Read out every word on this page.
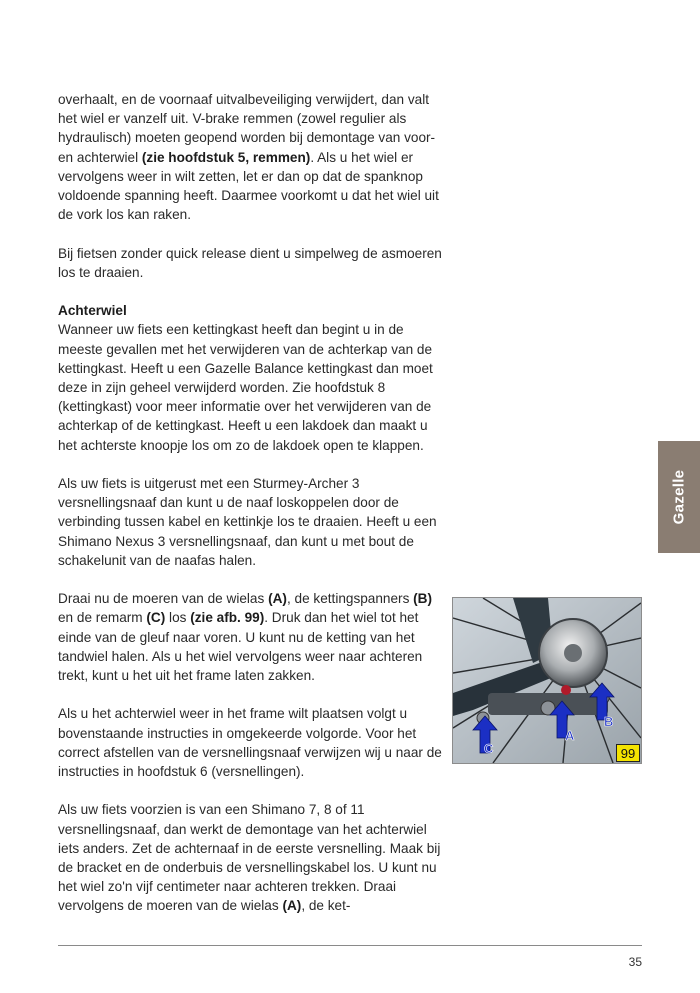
overhaalt, en de voornaaf uitvalbeveiliging verwijdert, dan valt het wiel er vanzelf uit. V-brake remmen (zowel regulier als hydraulisch) moeten geopend worden bij demontage van voor- en achterwiel (zie hoofdstuk 5, remmen). Als u het wiel er vervolgens weer in wilt zetten, let er dan op dat de spanknop voldoende spanning heeft. Daarmee voorkomt u dat het wiel uit de vork los kan raken.

Bij fietsen zonder quick release dient u simpelweg de asmoeren los te draaien.

Achterwiel
Wanneer uw fiets een kettingkast heeft dan begint u in de meeste gevallen met het verwijderen van de achterkap van de kettingkast. Heeft u een Gazelle Balance kettingkast dan moet deze in zijn geheel verwijderd worden. Zie hoofdstuk 8 (kettingkast) voor meer informatie over het verwijderen van de achterkap of de kettingkast. Heeft u een lakdoek dan maakt u het achterste knoopje los om zo de lakdoek open te klappen.

Als uw fiets is uitgerust met een Sturmey-Archer 3 versnellingsnaaf dan kunt u de naaf loskoppelen door de verbinding tussen kabel en kettinkje los te draaien. Heeft u een Shimano Nexus 3 versnellingsnaaf, dan kunt u met bout de schakelunit van de naafas halen.

Draai nu de moeren van de wielas (A), de kettingspanners (B) en de remarm (C) los (zie afb. 99). Druk dan het wiel tot het einde van de gleuf naar voren. U kunt nu de ketting van het tandwiel halen. Als u het wiel vervolgens weer naar achteren trekt, kunt u het uit het frame laten zakken.

Als u het achterwiel weer in het frame wilt plaatsen volgt u bovenstaande instructies in omgekeerde volgorde. Voor het correct afstellen van de versnellingsnaaf verwijzen wij u naar de instructies in hoofdstuk 6 (versnellingen).

Als uw fiets voorzien is van een Shimano 7, 8 of 11 versnellingsnaaf, dan werkt de demontage van het achterwiel iets anders. Zet de achternaaf in de eerste versnelling. Maak bij de bracket en de onderbuis de versnellingskabel los. U kunt nu het wiel zo'n vijf centimeter naar achteren trekken. Draai vervolgens de moeren van de wielas (A), de ket-

Gazelle
C
A
B
99
35
